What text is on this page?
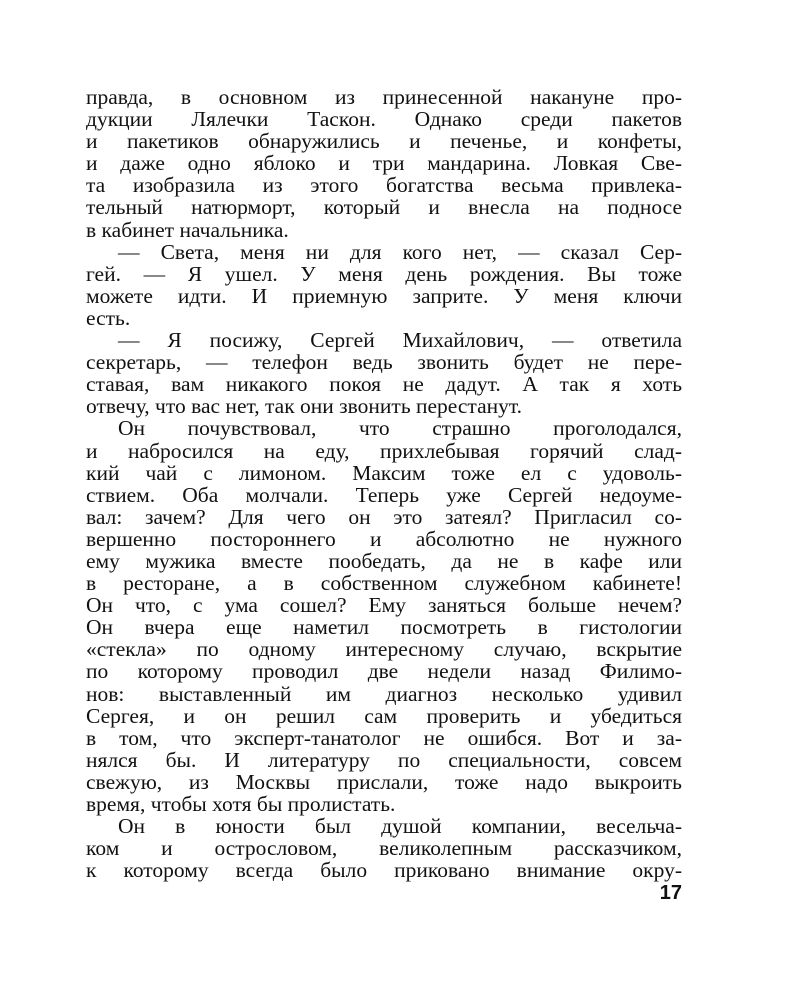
правда, в основном из принесенной накануне про-
дукции Лялечки Таскон. Однако среди пакетов
и пакетиков обнаружились и печенье, и конфеты,
и даже одно яблоко и три мандарина. Ловкая Све-
та изобразила из этого богатства весьма привлека-
тельный натюрморт, который и внесла на подносе
в кабинет начальника.

— Света, меня ни для кого нет, — сказал Сер-
гей. — Я ушел. У меня день рождения. Вы тоже
можете идти. И приемную заприте. У меня ключи
есть.

— Я посижу, Сергей Михайлович, — ответила
секретарь, — телефон ведь звонить будет не пере-
ставая, вам никакого покоя не дадут. А так я хоть
отвечу, что вас нет, так они звонить перестанут.

Он почувствовал, что страшно проголодался,
и набросился на еду, прихлебывая горячий слад-
кий чай с лимоном. Максим тоже ел с удоволь-
ствием. Оба молчали. Теперь уже Сергей недоуме-
вал: зачем? Для чего он это затеял? Пригласил со-
вершенно постороннего и абсолютно не нужного
ему мужика вместе пообедать, да не в кафе или
в ресторане, а в собственном служебном кабинете!
Он что, с ума сошел? Ему заняться больше нечем?
Он вчера еще наметил посмотреть в гистологии
«стекла» по одному интересному случаю, вскрытие
по которому проводил две недели назад Филимо-
нов: выставленный им диагноз несколько удивил
Сергея, и он решил сам проверить и убедиться
в том, что эксперт-танатолог не ошибся. Вот и за-
нялся бы. И литературу по специальности, совсем
свежую, из Москвы прислали, тоже надо выкроить
время, чтобы хотя бы пролистать.

Он в юности был душой компании, весельча-
ком и острословом, великолепным рассказчиком,
к которому всегда было приковано внимание окру-

17
